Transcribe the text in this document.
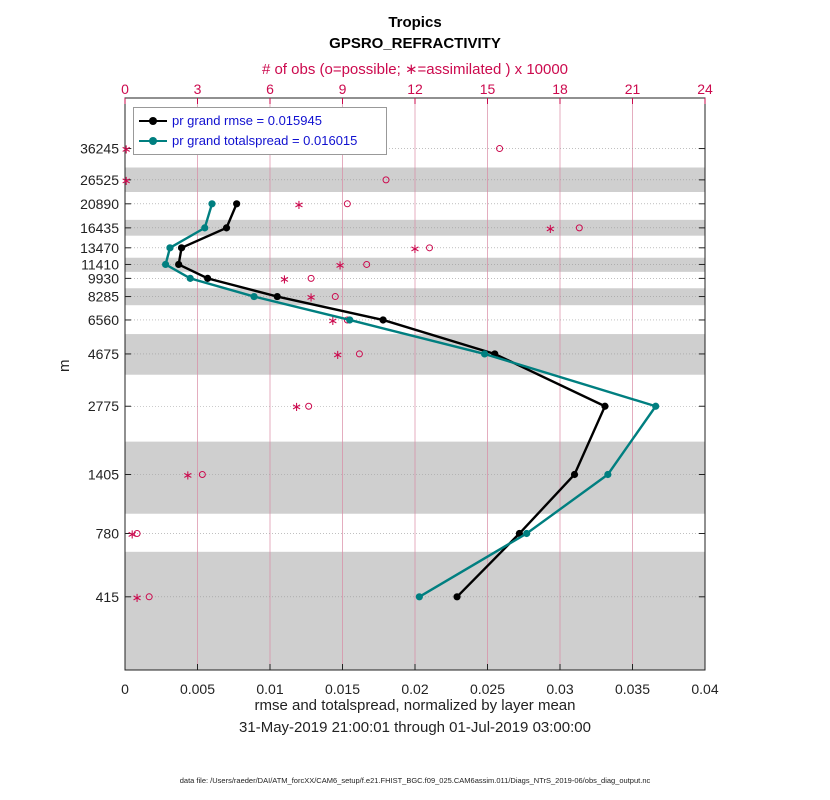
0	0.005	0.01	0.015	0.02	0.025	0.03	0.035	0.04
0	3	6	9	12	15	18	21	24
36245
26525
20890
16435
13470
11410
9930
8285
6560
4675
2775
1405
780
415
∗
∗
∗
∗
∗
∗
∗
∗
∗
∗
∗
∗
∗
∗
Tropics
GPSRO_REFRACTIVITY
# of obs (o=possible; ∗=assimilated ) x 10000
rmse and totalspread, normalized by layer mean
31-May-2019 21:00:01 through 01-Jul-2019 03:00:00
data file: /Users/raeder/DAI/ATM_forcXX/CAM6_setup/f.e21.FHIST_BGC.f09_025.CAM6assim.011/Diags_NTrS_2019-06/obs_diag_output.nc
m
pr grand rmse = 0.015945
pr grand totalspread = 0.016015
